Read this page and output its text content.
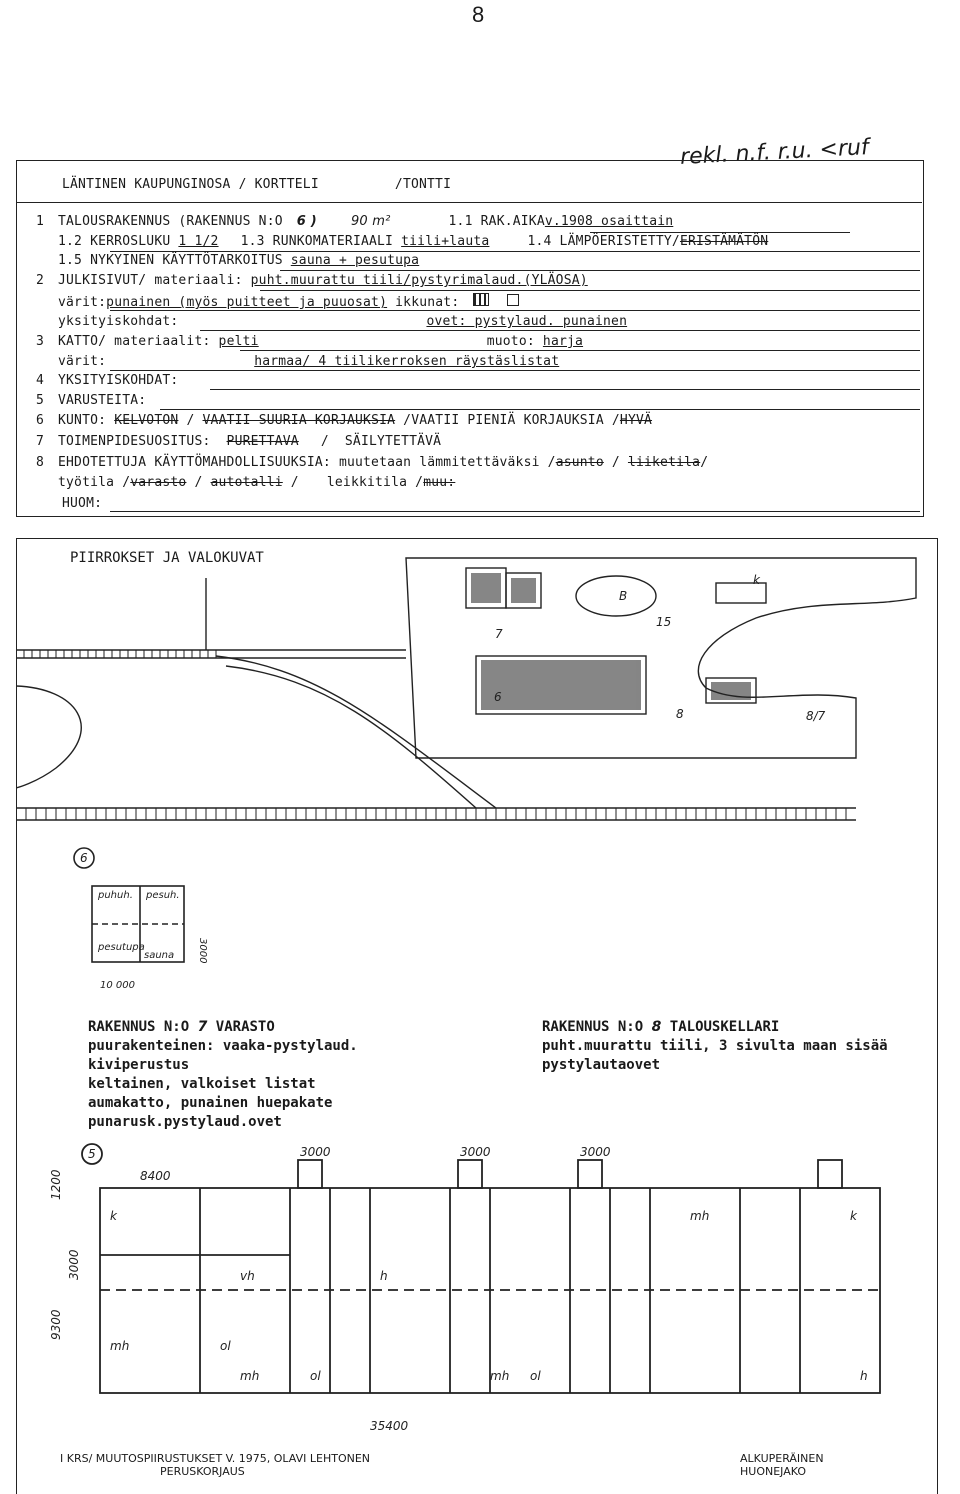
8
rekl. n.f. r.u. <ruf
LÄNTINEN KAUPUNGINOSA / KORTTELI	/TONTTI
1 TALOUSRAKENNUS (RAKENNUS N:O 6 )	90 m²	1.1 RAK.AIKAv.1908 osaittain
1.2 KERROSLUKU 1 1/2 1.3 RUNKOMATERIAALI tiili+lauta	1.4 LÄMPÖERISTETTY/ERISTÄMÄTÖN
1.5 NYKYINEN KÄYTTÖTARKOITUS sauna + pesutupa
2 JULKISIVUT/ materiaali: puht.muurattu tiili/pystyrimalaud.(YLÄOSA)
värit:punainen (myös puitteet ja puuosat) ikkunat:
yksityiskohdat:	ovet: pystylaud. punainen
3 KATTO/ materiaalit: pelti	muoto: harja
värit:	harmaa/ 4 tiilikerroksen räystäslistat
4 YKSITYISKOHDAT:
5 VARUSTEITA:
6 KUNTO: KELVOTON / VAATII SUURIA KORJAUKSIA /VAATII PIENIÄ KORJAUKSIA /HYVÄ
7 TOIMENPIDESUOSITUS: PURETTAVA / SÄILYTETTÄVÄ
8 EHDOTETTUJA KÄYTTÖMAHDOLLISUUKSIA: muutetaan lämmitettäväksi /asunto / liiketila/
työtila /varasto / autotalli / leikkitila /muu:
HUOM:
PIIRROKSET JA VALOKUVAT
6
7
B
15
k
8/7
8
6
puhuh. pesuh.
pesutupa
sauna
10 000
3000
RAKENNUS N:O 7 VARASTO
puurakenteinen: vaaka-pystylaud.
kiviperustus
keltainen, valkoiset listat
aumakatto, punainen huepakate
punarusk.pystylaud.ovet
RAKENNUS N:O 8 TALOUSKELLARI
puht.muurattu tiili, 3 sivulta maan sisää
pystylautaovet
5
8400
3000	3000	3000
1200
9300
3000
35400
k
mh	ol
vh
mh	ol
h
ol
mh
k
mh
h
I KRS/ MUUTOSPIIRUSTUKSET V. 1975, OLAVI LEHTONEN
PERUSKORJAUS
ALKUPERÄINEN
HUONEJAKO
